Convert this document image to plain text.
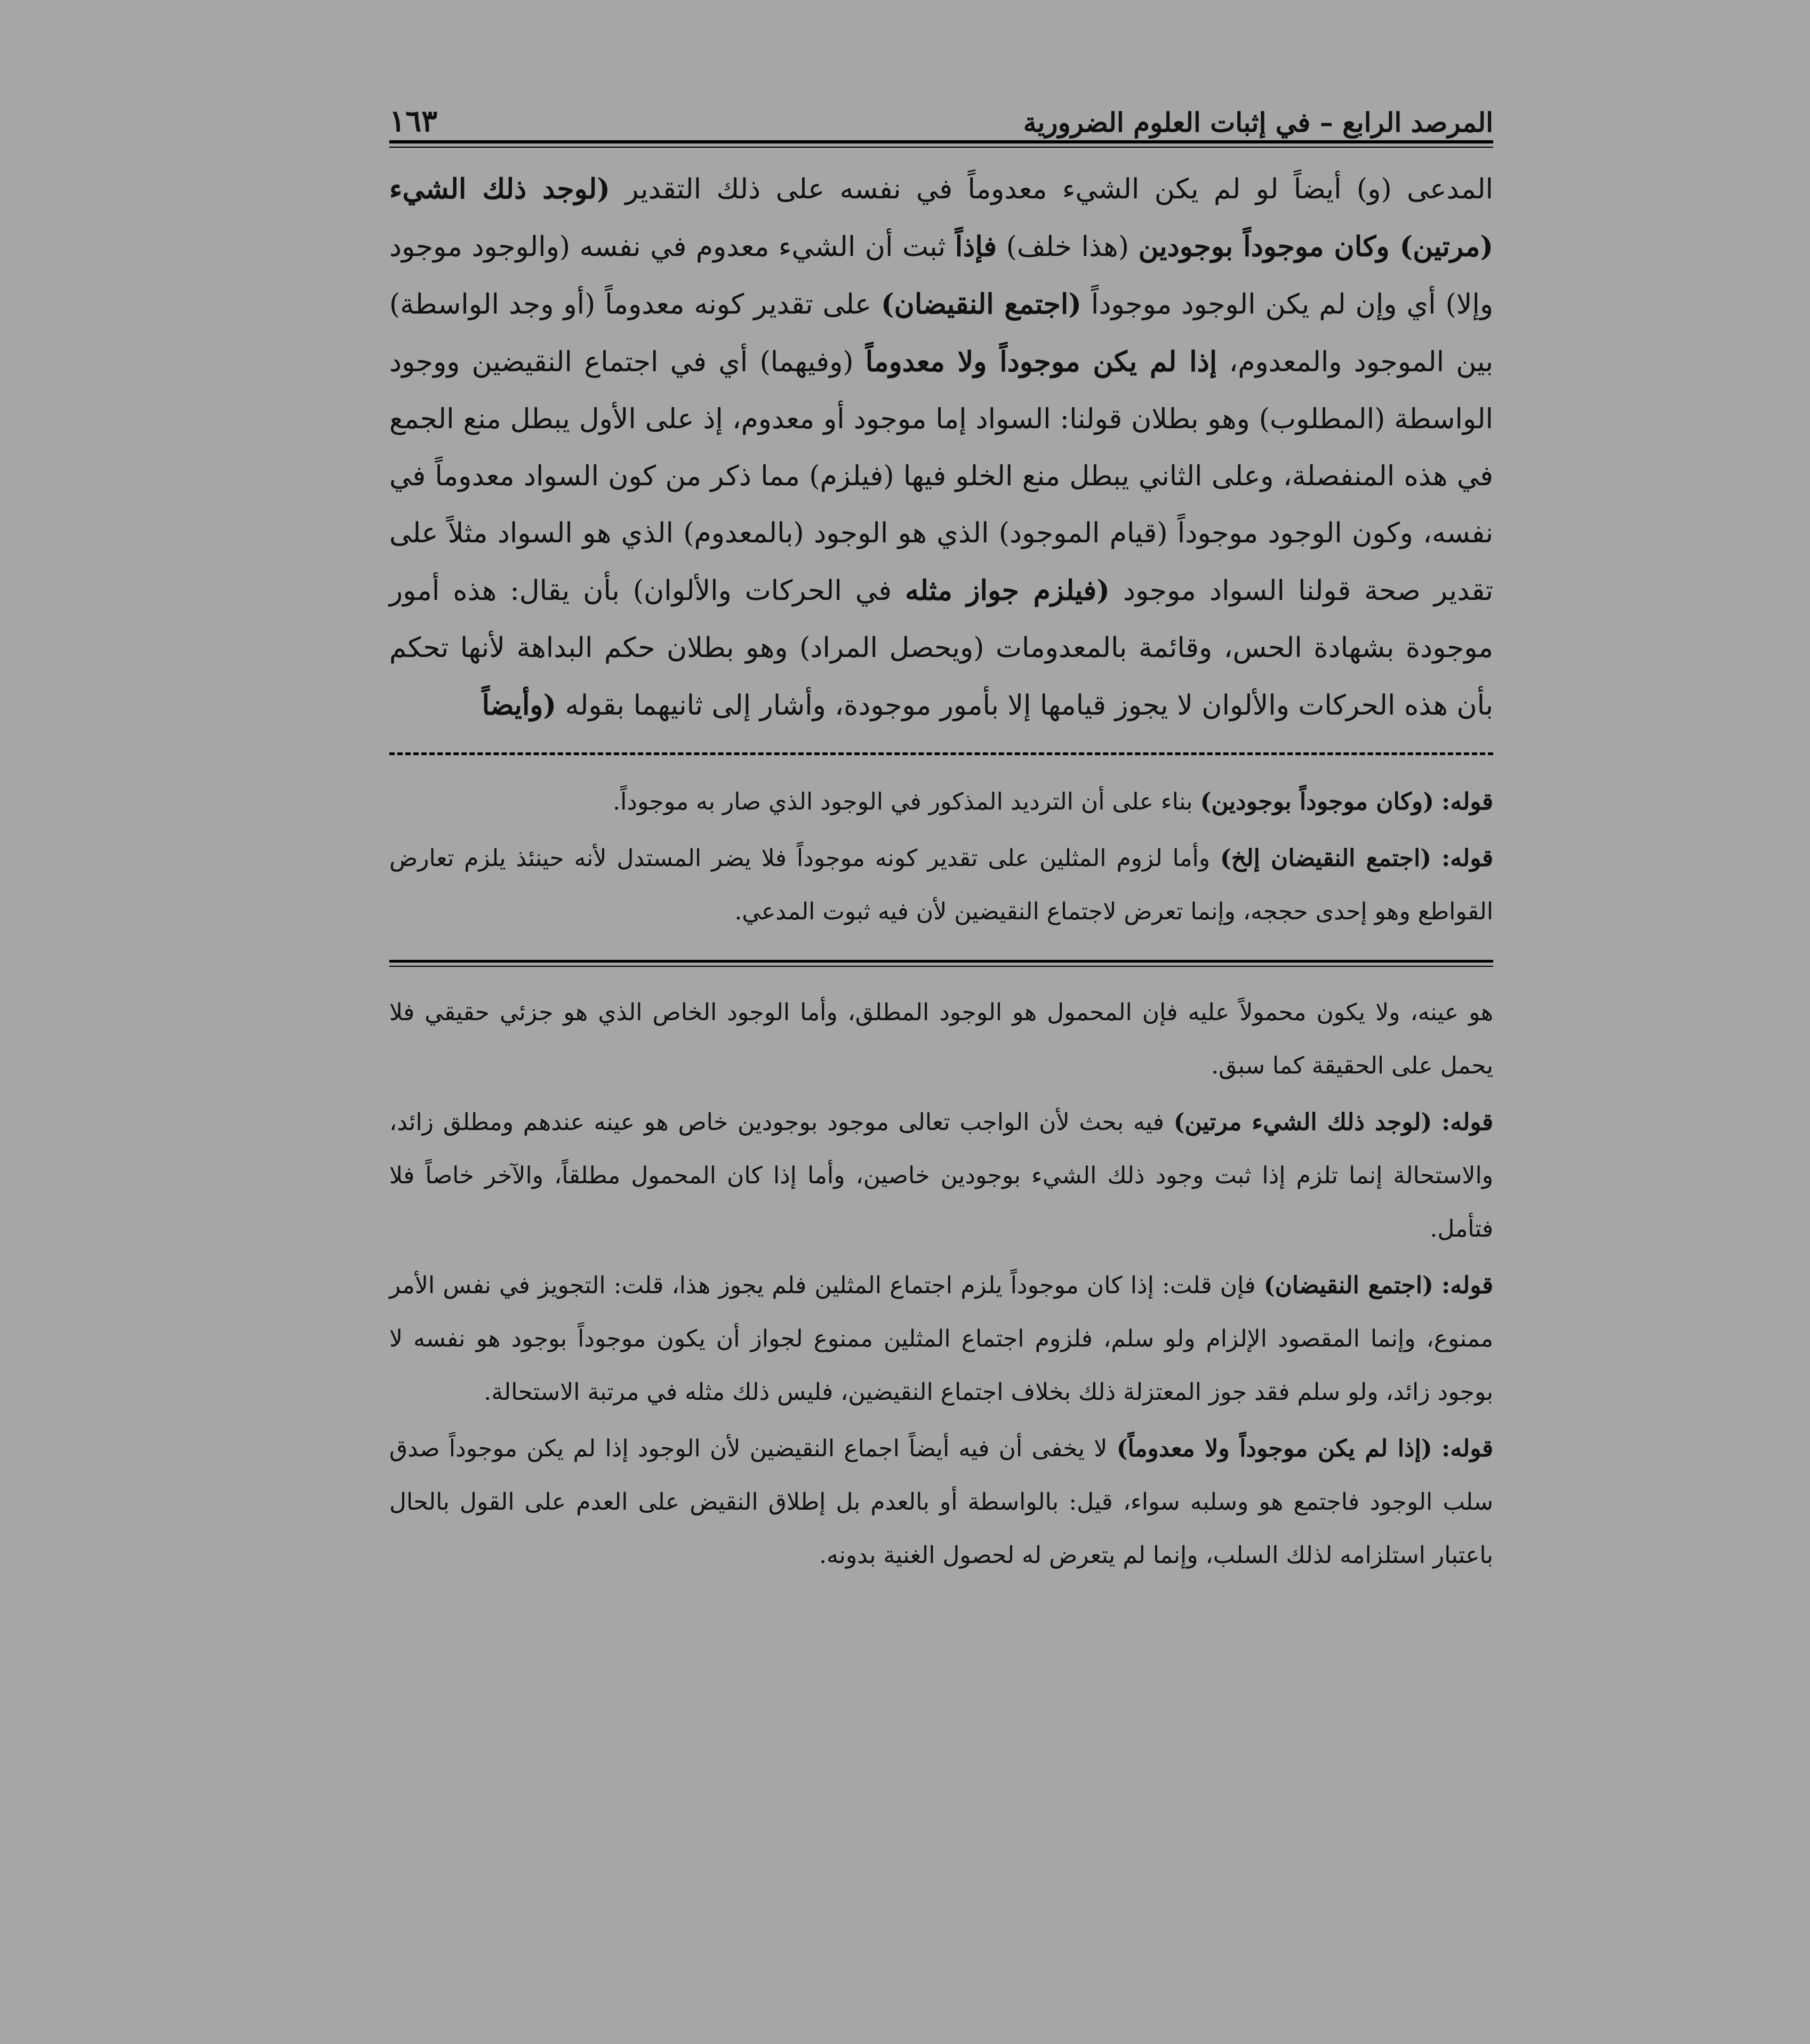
المرصد الرابع – في إثبات العلوم الضرورية
١٦٣

المدعى (و) أيضاً لو لم يكن الشيء معدوماً في نفسه على ذلك التقدير (لوجد ذلك الشيء (مرتين) وكان موجوداً بوجودين (هذا خلف) فإذاً ثبت أن الشيء معدوم في نفسه (والوجود موجود وإلا) أي وإن لم يكن الوجود موجوداً (اجتمع النقيضان) على تقدير كونه معدوماً (أو وجد الواسطة) بين الموجود والمعدوم، إذا لم يكن موجوداً ولا معدوماً (وفيهما) أي في اجتماع النقيضين ووجود الواسطة (المطلوب) وهو بطلان قولنا: السواد إما موجود أو معدوم، إذ على الأول يبطل منع الجمع في هذه المنفصلة، وعلى الثاني يبطل منع الخلو فيها (فيلزم) مما ذكر من كون السواد معدوماً في نفسه، وكون الوجود موجوداً (قيام الموجود) الذي هو الوجود (بالمعدوم) الذي هو السواد مثلاً على تقدير صحة قولنا السواد موجود (فيلزم جواز مثله في الحركات والألوان) بأن يقال: هذه أمور موجودة بشهادة الحس، وقائمة بالمعدومات (ويحصل المراد) وهو بطلان حكم البداهة لأنها تحكم بأن هذه الحركات والألوان لا يجوز قيامها إلا بأمور موجودة، وأشار إلى ثانيهما بقوله (وأيضاً

قوله: (وكان موجوداً بوجودين) بناء على أن الترديد المذكور في الوجود الذي صار به موجوداً.

قوله: (اجتمع النقيضان إلخ) وأما لزوم المثلين على تقدير كونه موجوداً فلا يضر المستدل لأنه حينئذ يلزم تعارض القواطع وهو إحدى حججه، وإنما تعرض لاجتماع النقيضين لأن فيه ثبوت المدعي.

هو عينه، ولا يكون محمولاً عليه فإن المحمول هو الوجود المطلق، وأما الوجود الخاص الذي هو جزئي حقيقي فلا يحمل على الحقيقة كما سبق.

قوله: (لوجد ذلك الشيء مرتين) فيه بحث لأن الواجب تعالى موجود بوجودين خاص هو عينه عندهم ومطلق زائد، والاستحالة إنما تلزم إذا ثبت وجود ذلك الشيء بوجودين خاصين، وأما إذا كان المحمول مطلقاً، والآخر خاصاً فلا فتأمل.

قوله: (اجتمع النقيضان) فإن قلت: إذا كان موجوداً يلزم اجتماع المثلين فلم يجوز هذا، قلت: التجويز في نفس الأمر ممنوع، وإنما المقصود الإلزام ولو سلم، فلزوم اجتماع المثلين ممنوع لجواز أن يكون موجوداً بوجود هو نفسه لا بوجود زائد، ولو سلم فقد جوز المعتزلة ذلك بخلاف اجتماع النقيضين، فليس ذلك مثله في مرتبة الاستحالة.

قوله: (إذا لم يكن موجوداً ولا معدوماً) لا يخفى أن فيه أيضاً اجماع النقيضين لأن الوجود إذا لم يكن موجوداً صدق سلب الوجود فاجتمع هو وسلبه سواء، قيل: بالواسطة أو بالعدم بل إطلاق النقيض على العدم على القول بالحال باعتبار استلزامه لذلك السلب، وإنما لم يتعرض له لحصول الغنية بدونه.
